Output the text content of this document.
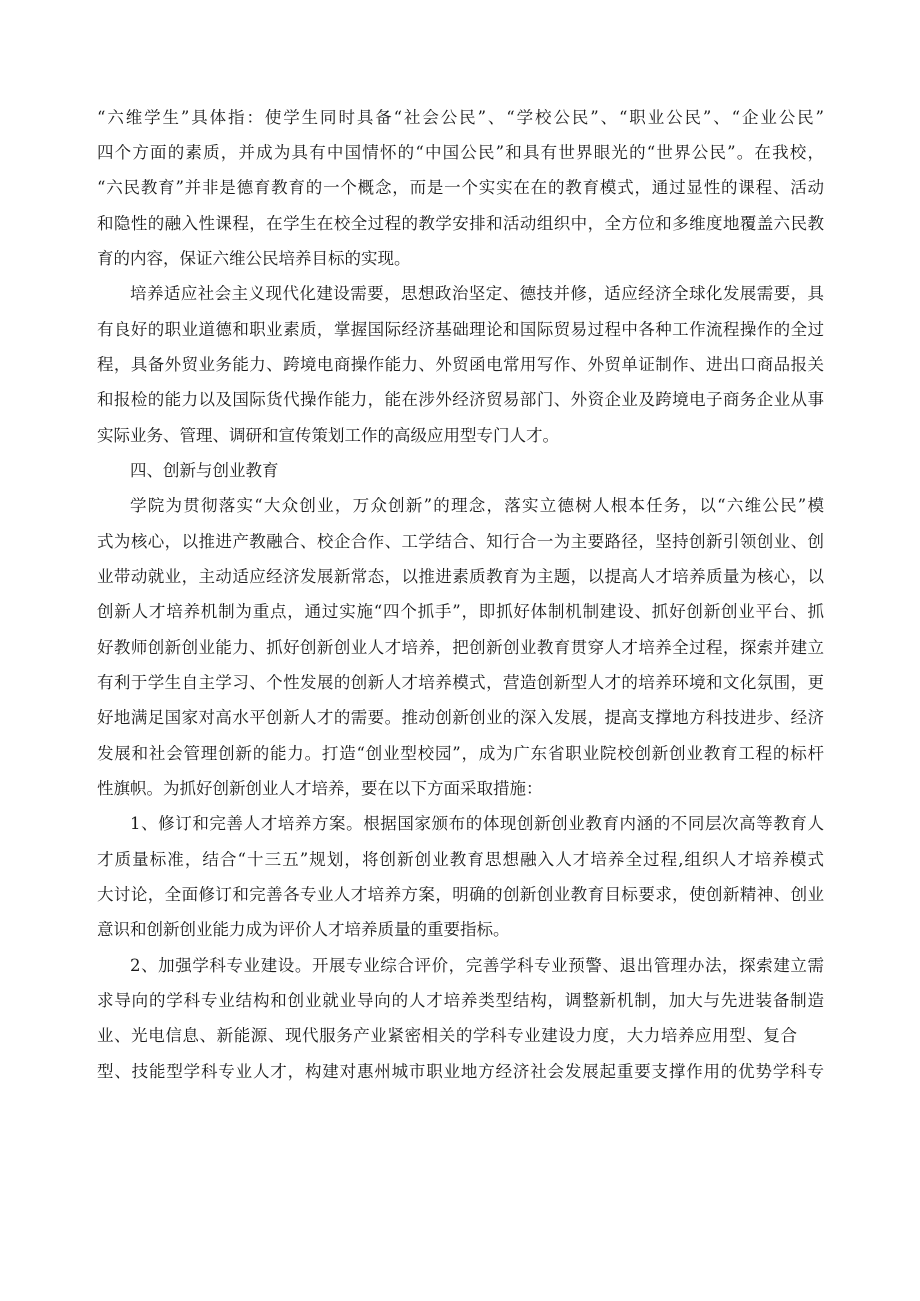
“六维学生”具体指：使学生同时具备“社会公民”、“学校公民”、“职业公民”、“企业公民”
四个方面的素质，并成为具有中国情怀的“中国公民”和具有世界眼光的“世界公民”。在我校，
“六民教育”并非是德育教育的一个概念，而是一个实实在在的教育模式，通过显性的课程、活动
和隐性的融入性课程，在学生在校全过程的教学安排和活动组织中，全方位和多维度地覆盖六民教
育的内容，保证六维公民培养目标的实现。
培养适应社会主义现代化建设需要，思想政治坚定、德技并修，适应经济全球化发展需要，具
有良好的职业道德和职业素质，掌握国际经济基础理论和国际贸易过程中各种工作流程操作的全过
程，具备外贸业务能力、跨境电商操作能力、外贸函电常用写作、外贸单证制作、进出口商品报关
和报检的能力以及国际货代操作能力，能在涉外经济贸易部门、外资企业及跨境电子商务企业从事
实际业务、管理、调研和宣传策划工作的高级应用型专门人才。
四、创新与创业教育
学院为贯彻落实“大众创业，万众创新”的理念，落实立德树人根本任务，以“六维公民”模
式为核心，以推进产教融合、校企合作、工学结合、知行合一为主要路径，坚持创新引领创业、创
业带动就业，主动适应经济发展新常态，以推进素质教育为主题，以提高人才培养质量为核心，以
创新人才培养机制为重点，通过实施“四个抓手”，即抓好体制机制建设、抓好创新创业平台、抓
好教师创新创业能力、抓好创新创业人才培养，把创新创业教育贯穿人才培养全过程，探索并建立
有利于学生自主学习、个性发展的创新人才培养模式，营造创新型人才的培养环境和文化氛围，更
好地满足国家对高水平创新人才的需要。推动创新创业的深入发展，提高支撑地方科技进步、经济
发展和社会管理创新的能力。打造“创业型校园”，成为广东省职业院校创新创业教育工程的标杆
性旗帜。为抓好创新创业人才培养，要在以下方面采取措施：
1、修订和完善人才培养方案。根据国家颁布的体现创新创业教育内涵的不同层次高等教育人
才质量标准，结合“十三五”规划，将创新创业教育思想融入人才培养全过程,组织人才培养模式
大讨论，全面修订和完善各专业人才培养方案，明确的创新创业教育目标要求，使创新精神、创业
意识和创新创业能力成为评价人才培养质量的重要指标。
2、加强学科专业建设。开展专业综合评价，完善学科专业预警、退出管理办法，探索建立需
求导向的学科专业结构和创业就业导向的人才培养类型结构，调整新机制，加大与先进装备制造
业、光电信息、新能源、现代服务产业紧密相关的学科专业建设力度，大力培养应用型、复合
型、技能型学科专业人才，构建对惠州城市职业地方经济社会发展起重要支撑作用的优势学科专
